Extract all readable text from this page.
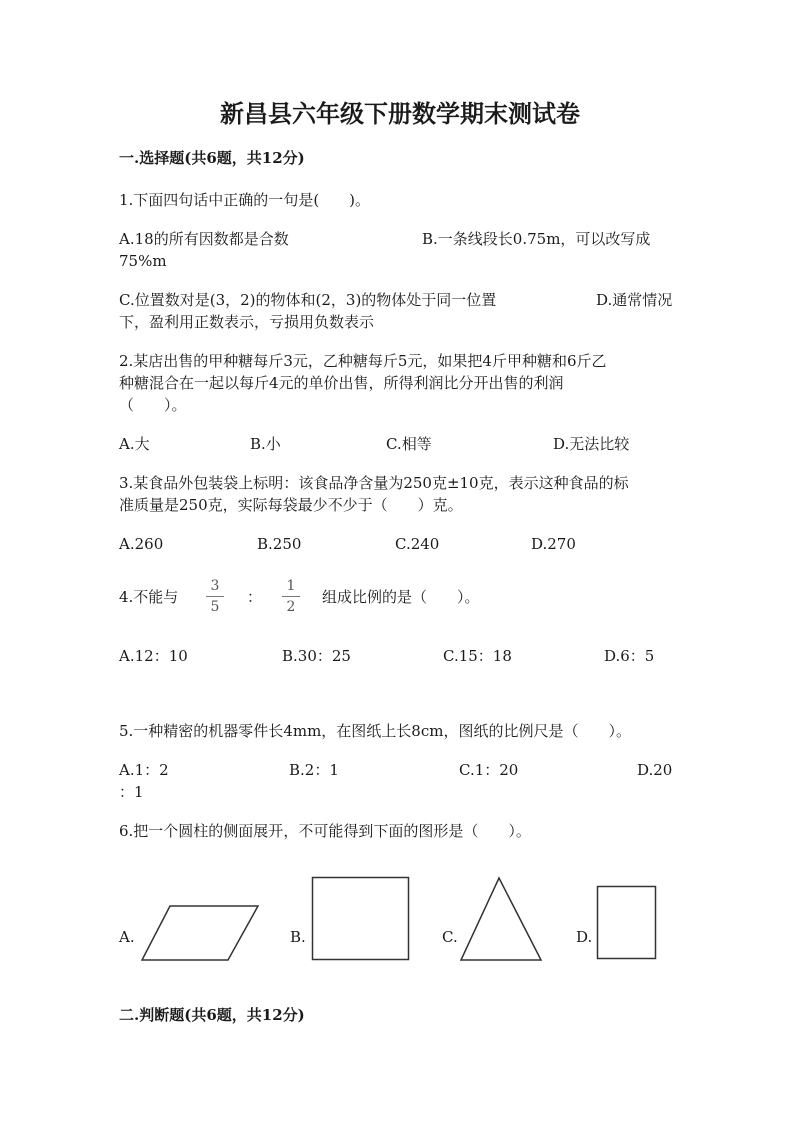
新昌县六年级下册数学期末测试卷
一.选择题(共6题，共12分)
1.下面四句话中正确的一句是(　　)。
A.18的所有因数都是合数	B.一条线段长0.75m，可以改写成
75%m
C.位置数对是(3，2)的物体和(2，3)的物体处于同一位置	D.通常情况
下，盈利用正数表示，亏损用负数表示
2.某店出售的甲种糖每斤3元，乙种糖每斤5元，如果把4斤甲种糖和6斤乙
种糖混合在一起以每斤4元的单价出售，所得利润比分开出售的利润
（　　）。
A.大	B.小	C.相等	D.无法比较
3.某食品外包装袋上标明：该食品净含量为250克±10克，表示这种食品的标
准质量是250克，实际每袋最少不少于（　　）克。
A.260	B.250	C.240	D.270
4.不能与
3
5
：
1
2
组成比例的是（　　）。
A.12：10	B.30：25	C.15：18	D.6：5
5.一种精密的机器零件长4mm，在图纸上长8cm，图纸的比例尺是（　　）。
A.1：2	B.2：1	C.1：20	D.20
：1
6.把一个圆柱的侧面展开，不可能得到下面的图形是（　　）。
A.	B.	C.	D.
二.判断题(共6题，共12分)
